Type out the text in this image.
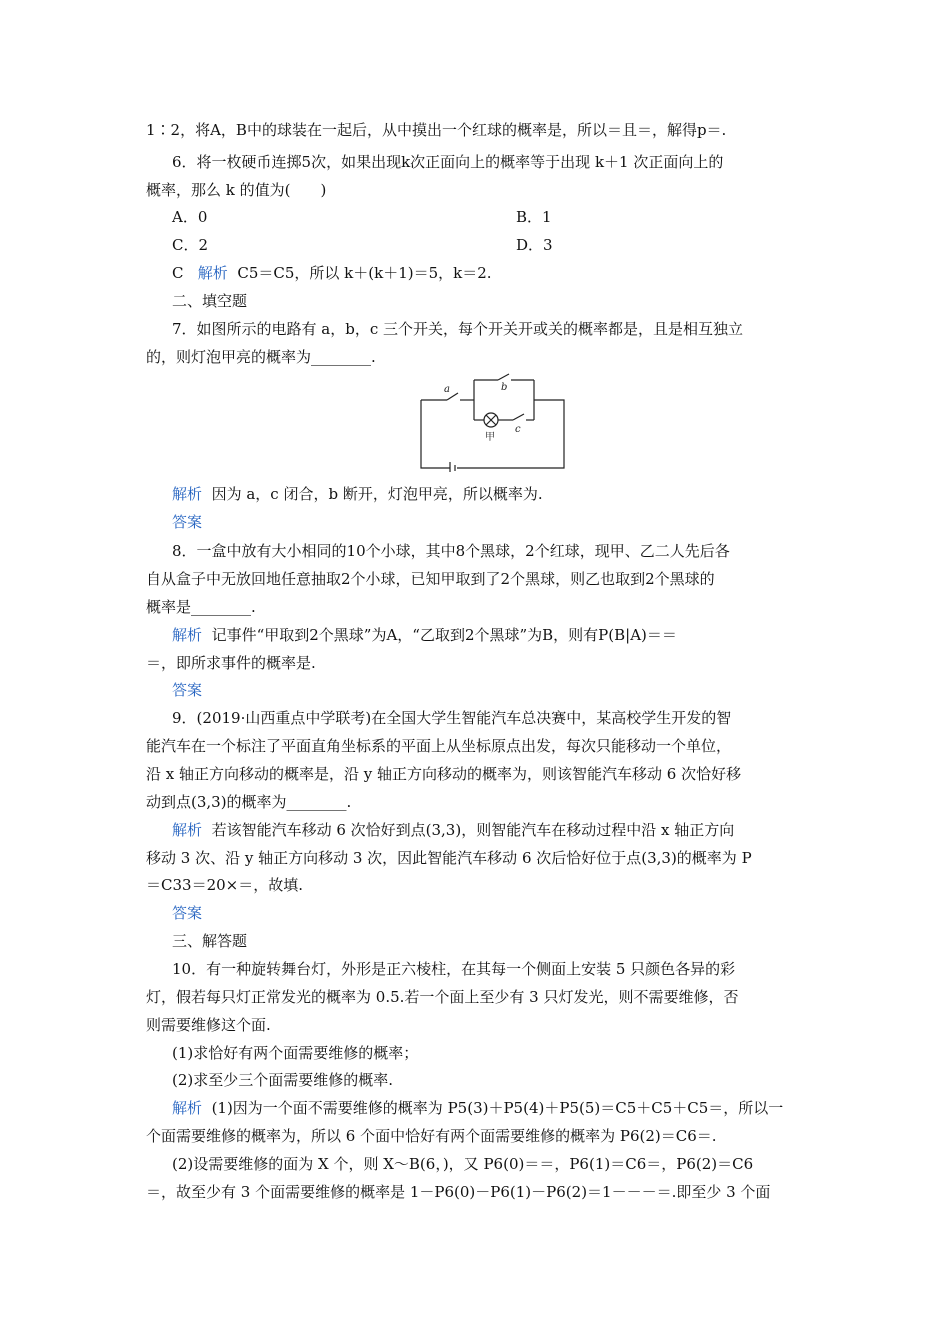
1∶2，将A，B中的球装在一起后，从中摸出一个红球的概率是，所以＝且＝，解得p＝.
6．将一枚硬币连掷5次，如果出现k次正面向上的概率等于出现 k＋1 次正面向上的
概率，那么 k 的值为(　　)
A．0	B．1
C．2	D．3
C 解析 C5＝C5，所以 k＋(k＋1)＝5，k＝2.
二、填空题
7．如图所示的电路有 a，b，c 三个开关，每个开关开或关的概率都是，且是相互独立
的，则灯泡甲亮的概率为________.
a	b
c
甲
解析 因为 a，c 闭合，b 断开，灯泡甲亮，所以概率为.
答案
8．一盒中放有大小相同的10个小球，其中8个黑球，2个红球，现甲、乙二人先后各
自从盒子中无放回地任意抽取2个小球，已知甲取到了2个黑球，则乙也取到2个黑球的
概率是________.
解析 记事件“甲取到2个黑球”为A，“乙取到2个黑球”为B，则有P(B|A)＝＝
＝，即所求事件的概率是.
答案
9．(2019·山西重点中学联考)在全国大学生智能汽车总决赛中，某高校学生开发的智
能汽车在一个标注了平面直角坐标系的平面上从坐标原点出发，每次只能移动一个单位，
沿 x 轴正方向移动的概率是，沿 y 轴正方向移动的概率为，则该智能汽车移动 6 次恰好移
动到点(3,3)的概率为________.
解析 若该智能汽车移动 6 次恰好到点(3,3)，则智能汽车在移动过程中沿 x 轴正方向
移动 3 次、沿 y 轴正方向移动 3 次，因此智能汽车移动 6 次后恰好位于点(3,3)的概率为 P
＝C33＝20×＝，故填.
答案
三、解答题
10．有一种旋转舞台灯，外形是正六棱柱，在其每一个侧面上安装 5 只颜色各异的彩
灯，假若每只灯正常发光的概率为 0.5.若一个面上至少有 3 只灯发光，则不需要维修，否
则需要维修这个面.
(1)求恰好有两个面需要维修的概率；
(2)求至少三个面需要维修的概率.
解析 (1)因为一个面不需要维修的概率为 P5(3)＋P5(4)＋P5(5)＝C5＋C5＋C5＝，所以一
个面需要维修的概率为，所以 6 个面中恰好有两个面需要维修的概率为 P6(2)＝C6＝.
(2)设需要维修的面为 X 个，则 X～B(6，)，又 P6(0)＝＝，P6(1)＝C6＝，P6(2)＝C6
＝，故至少有 3 个面需要维修的概率是 1－P6(0)－P6(1)－P6(2)＝1－－－＝.即至少 3 个面
